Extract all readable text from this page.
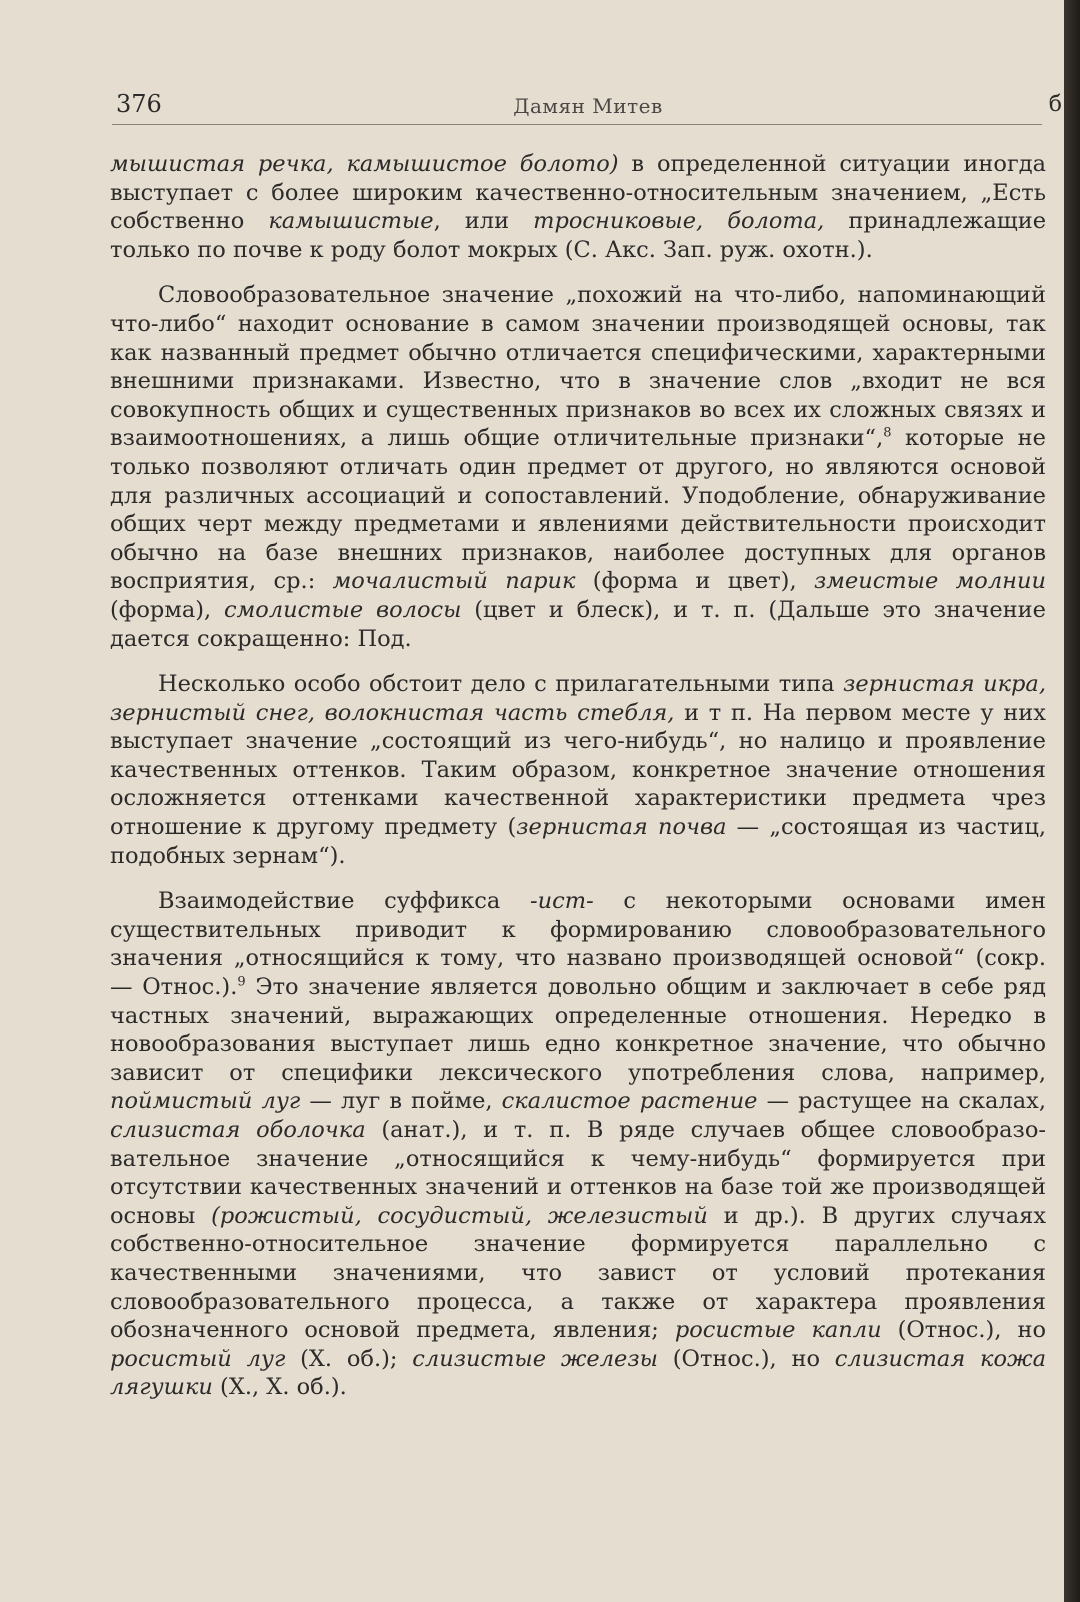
376	Дамян Митев	б

мышистая речка, камышистое болото) в определенной ситуации иногда выступает с более широким качественно-относительным значением, „Есть собственно камышистые, или тросниковые, болота, принадлежащие только по почве к роду болот мокрых (С. Акс. Зап. руж. охотн.).

Словообразовательное значение „похожий на что-либо, напоминающий что-либо“ находит основание в самом значении производящей основы, так как названный предмет обычно отличается специфическими, характерными внешними признаками. Известно, что в значение слов „входит не вся совокупность общих и существенных признаков во всех их сложных связях и взаимоотношениях, а лишь общие отличительные признаки“,$^8$ которые не только позволяют отличать один предмет от другого, но являются основой для различных ассоциаций и сопоставлений. Уподобление, обнаруживание общих черт между предметами и явлениями действительности происходит обычно на базе внешних признаков, наиболее доступных для органов восприятия, ср.: мочалистый парик (форма и цвет), змеистые молнии (форма), смолистые волосы (цвет и блеск), и т. п. (Дальше это значение дается сокращенно: Под.

Несколько особо обстоит дело с прилагательными типа зернистая икра, зернистый снег, волокнистая часть стебля, и т п. На первом месте у них выступает значение „состоящий из чего-нибудь“, но налицо и проявление качественных оттенков. Таким образом, конкретное значение отношения осложняется оттенками качественной характеристики предмета чрез отношение к другому предмету (зернистая почва — „состоящая из частиц, подобных зернам“).

Взаимодействие суффикса -ист- с некоторыми основами имен существительных приводит к формированию словообразовательного значения „относящийся к тому, что названо производящей основой“ (сокр. — Относ.).$^9$ Это значение является довольно общим и заключает в себе ряд частных значений, выражающих определенные отношения. Нередко в новообразования выступает лишь едно конкретное значение, что обычно зависит от специфики лексического употребления слова, например, поймистый луг — луг в пойме, скалистое растение — растущее на скалах, слизистая оболочка (анат.), и т. п. В ряде случаев общее словообразовательное значение „относящийся к чему-нибудь“ формируется при отсутствии качественных значений и оттенков на базе той же производящей основы (рожистый, сосудистый, железистый и др.). В других случаях собственно-относительное значение формируется параллельно с качественными значениями, что завист от условий протекания словообразовательного процесса, а также от характера проявления обозначенного основой предмета, явления; росистые капли (Относ.), но росистый луг (Х. об.); слизистые железы (Относ.), но слизистая кожа лягушки (Х., Х. об.).
